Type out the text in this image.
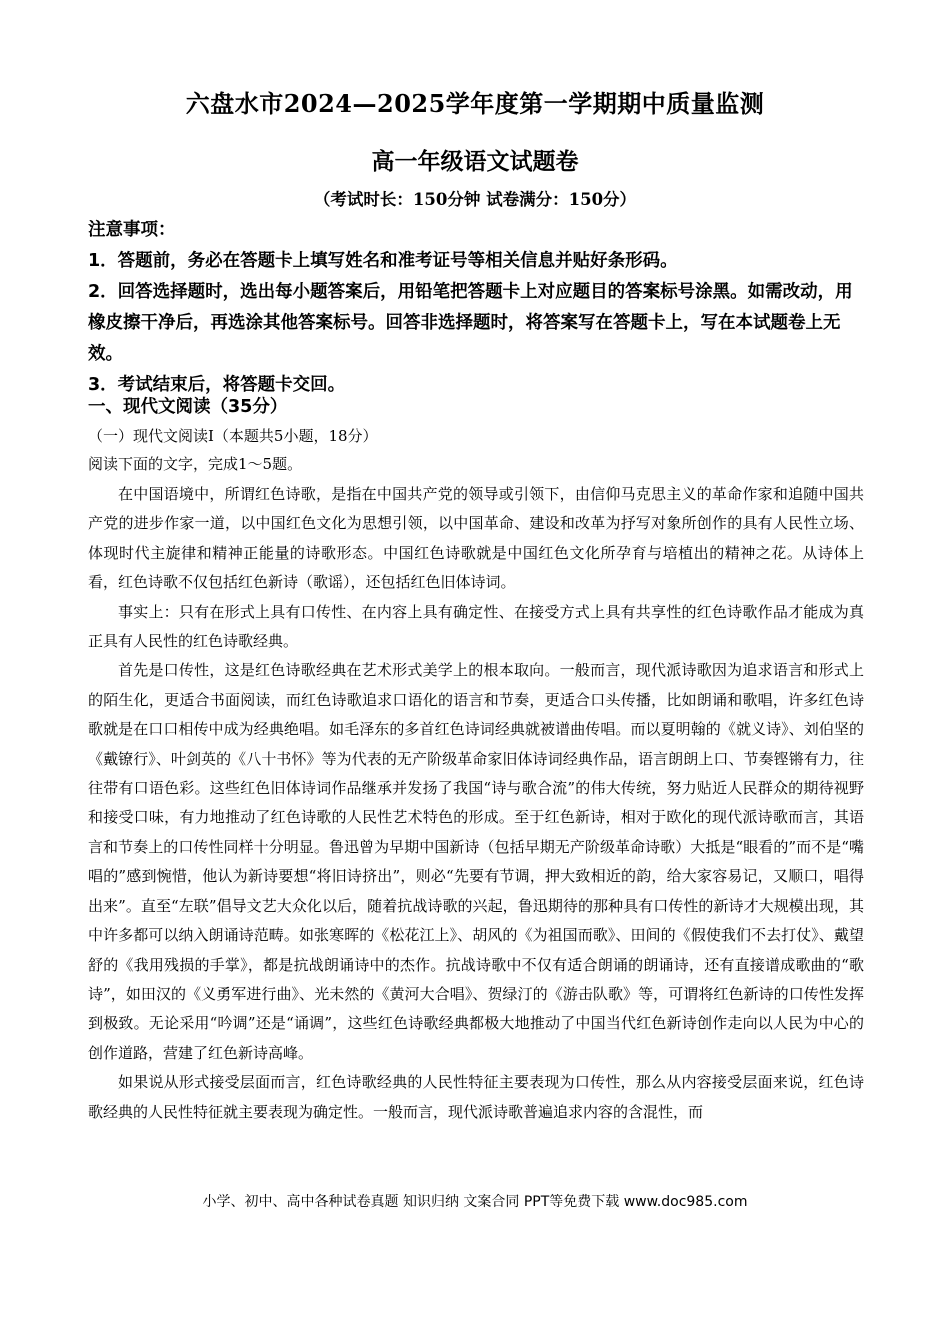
六盘水市2024—2025学年度第一学期期中质量监测
高一年级语文试题卷
（考试时长：150分钟 试卷满分：150分）

注意事项：

1．答题前，务必在答题卡上填写姓名和准考证号等相关信息并贴好条形码。

2．回答选择题时，选出每小题答案后，用铅笔把答题卡上对应题目的答案标号涂黑。如需改动，用橡皮擦干净后，再选涂其他答案标号。回答非选择题时，将答案写在答题卡上，写在本试题卷上无效。

3．考试结束后，将答题卡交回。

一、现代文阅读（35分）
（一）现代文阅读I（本题共5小题，18分）
阅读下面的文字，完成1～5题。

在中国语境中，所谓红色诗歌，是指在中国共产党的领导或引领下，由信仰马克思主义的革命作家和追随中国共产党的进步作家一道，以中国红色文化为思想引领，以中国革命、建设和改革为抒写对象所创作的具有人民性立场、体现时代主旋律和精神正能量的诗歌形态。中国红色诗歌就是中国红色文化所孕育与培植出的精神之花。从诗体上看，红色诗歌不仅包括红色新诗（歌谣），还包括红色旧体诗词。

事实上：只有在形式上具有口传性、在内容上具有确定性、在接受方式上具有共享性的红色诗歌作品才能成为真正具有人民性的红色诗歌经典。

首先是口传性，这是红色诗歌经典在艺术形式美学上的根本取向。一般而言，现代派诗歌因为追求语言和形式上的陌生化，更适合书面阅读，而红色诗歌追求口语化的语言和节奏，更适合口头传播，比如朗诵和歌唱，许多红色诗歌就是在口口相传中成为经典绝唱。如毛泽东的多首红色诗词经典就被谱曲传唱。而以夏明翰的《就义诗》、刘伯坚的《戴镣行》、叶剑英的《八十书怀》等为代表的无产阶级革命家旧体诗词经典作品，语言朗朗上口、节奏铿锵有力，往往带有口语色彩。这些红色旧体诗词作品继承并发扬了我国“诗与歌合流”的伟大传统，努力贴近人民群众的期待视野和接受口味，有力地推动了红色诗歌的人民性艺术特色的形成。至于红色新诗，相对于欧化的现代派诗歌而言，其语言和节奏上的口传性同样十分明显。鲁迅曾为早期中国新诗（包括早期无产阶级革命诗歌）大抵是“眼看的”而不是“嘴唱的”感到惋惜，他认为新诗要想“将旧诗挤出”，则必“先要有节调，押大致相近的韵，给大家容易记，又顺口，唱得出来”。直至“左联”倡导文艺大众化以后，随着抗战诗歌的兴起，鲁迅期待的那种具有口传性的新诗才大规模出现，其中许多都可以纳入朗诵诗范畴。如张寒晖的《松花江上》、胡风的《为祖国而歌》、田间的《假使我们不去打仗》、戴望舒的《我用残损的手掌》，都是抗战朗诵诗中的杰作。抗战诗歌中不仅有适合朗诵的朗诵诗，还有直接谱成歌曲的“歌诗”，如田汉的《义勇军进行曲》、光未然的《黄河大合唱》、贺绿汀的《游击队歌》等，可谓将红色新诗的口传性发挥到极致。无论采用“吟调”还是“诵调”，这些红色诗歌经典都极大地推动了中国当代红色新诗创作走向以人民为中心的创作道路，营建了红色新诗高峰。

如果说从形式接受层面而言，红色诗歌经典的人民性特征主要表现为口传性，那么从内容接受层面来说，红色诗歌经典的人民性特征就主要表现为确定性。一般而言，现代派诗歌普遍追求内容的含混性，而

小学、初中、高中各种试卷真题 知识归纳 文案合同 PPT等免费下载 www.doc985.com
